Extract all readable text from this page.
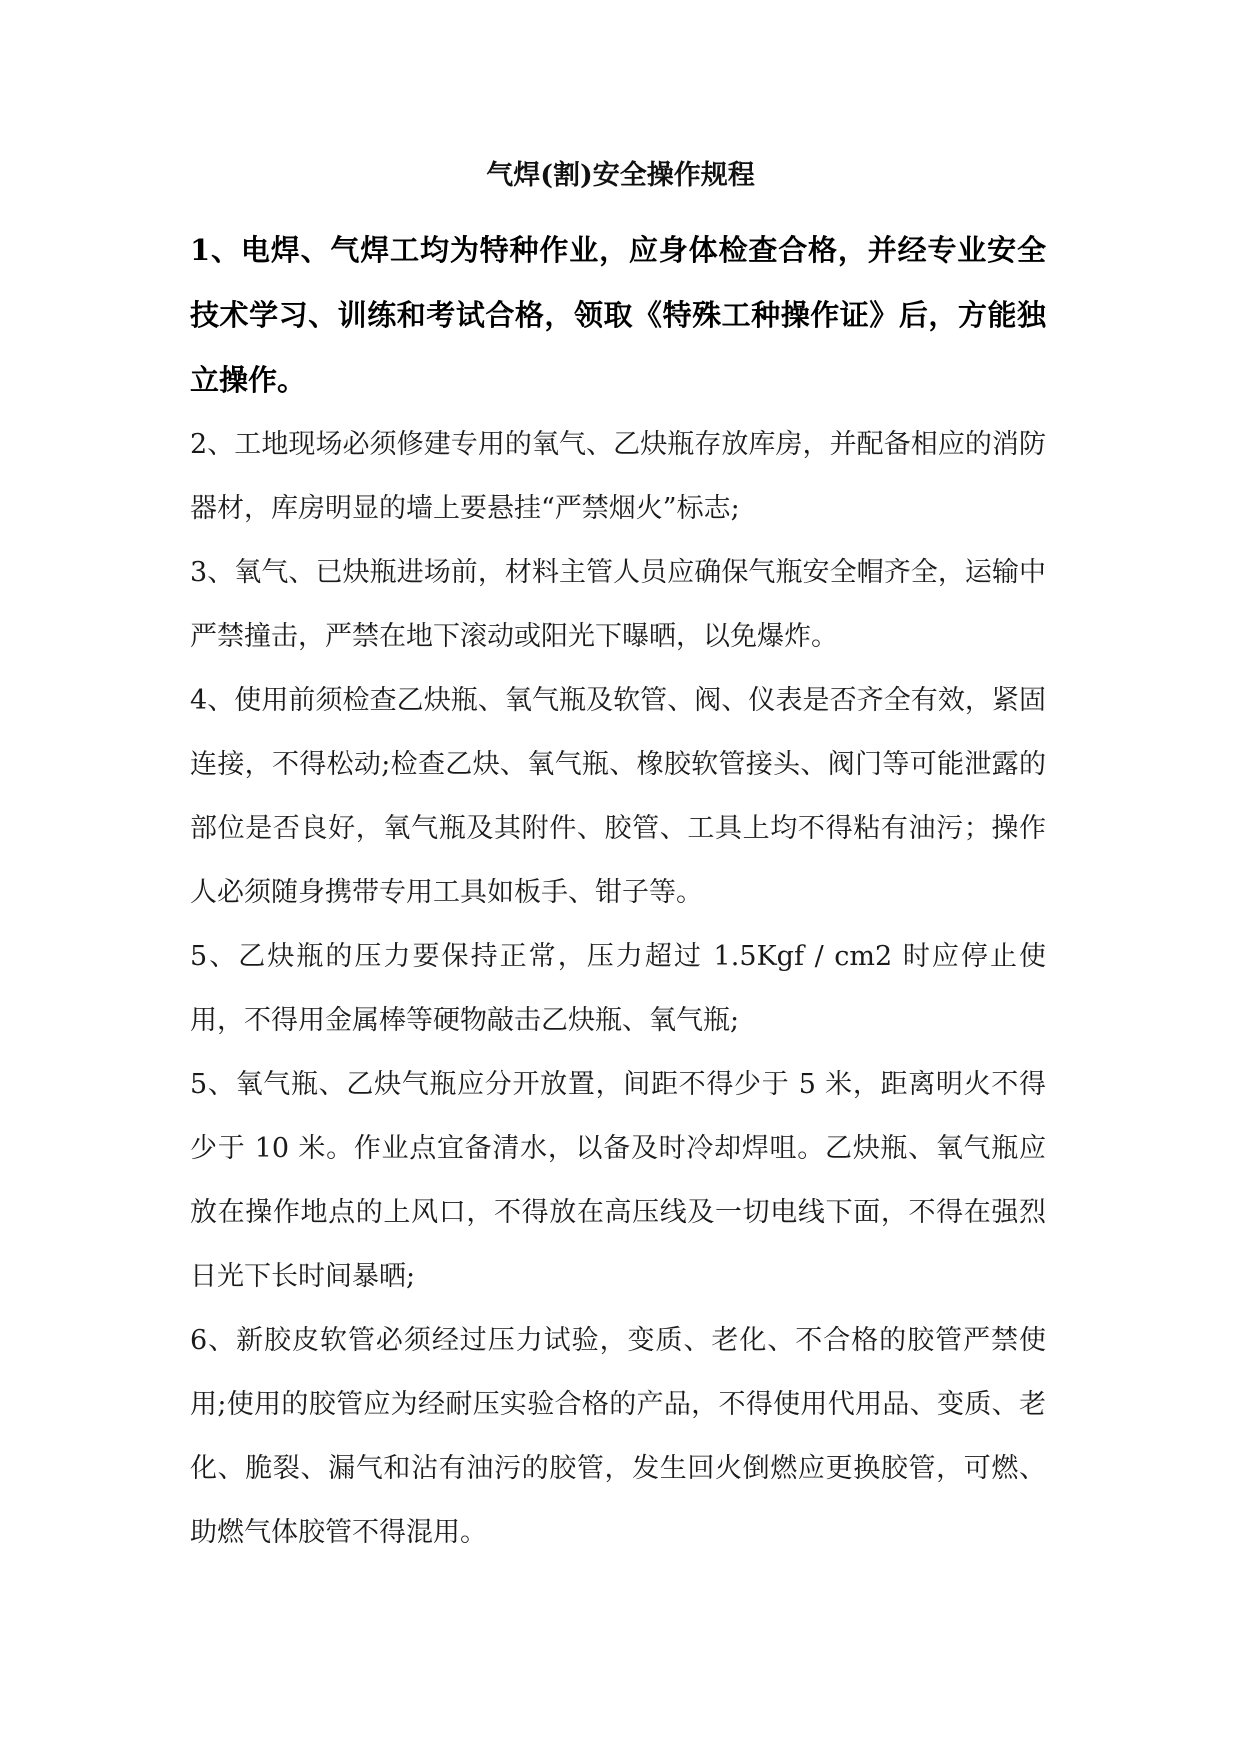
气焊(割)安全操作规程

1、电焊、气焊工均为特种作业，应身体检查合格，并经专业安全技术学习、训练和考试合格，领取《特殊工种操作证》后，方能独立操作。

2、工地现场必须修建专用的氧气、乙炔瓶存放库房，并配备相应的消防器材，库房明显的墙上要悬挂“严禁烟火”标志;

3、氧气、已炔瓶进场前，材料主管人员应确保气瓶安全帽齐全，运输中严禁撞击，严禁在地下滚动或阳光下曝晒，以免爆炸。

4、使用前须检查乙炔瓶、氧气瓶及软管、阀、仪表是否齐全有效，紧固连接，不得松动;检查乙炔、氧气瓶、橡胶软管接头、阀门等可能泄露的部位是否良好，氧气瓶及其附件、胶管、工具上均不得粘有油污；操作人必须随身携带专用工具如板手、钳子等。

5、乙炔瓶的压力要保持正常，压力超过 1.5Kgf / cm2 时应停止使用，不得用金属棒等硬物敲击乙炔瓶、氧气瓶;

5、氧气瓶、乙炔气瓶应分开放置，间距不得少于 5 米，距离明火不得少于 10 米。作业点宜备清水，以备及时冷却焊咀。乙炔瓶、氧气瓶应放在操作地点的上风口，不得放在高压线及一切电线下面，不得在强烈日光下长时间暴晒;

6、新胶皮软管必须经过压力试验，变质、老化、不合格的胶管严禁使用;使用的胶管应为经耐压实验合格的产品，不得使用代用品、变质、老化、脆裂、漏气和沾有油污的胶管，发生回火倒燃应更换胶管，可燃、助燃气体胶管不得混用。
